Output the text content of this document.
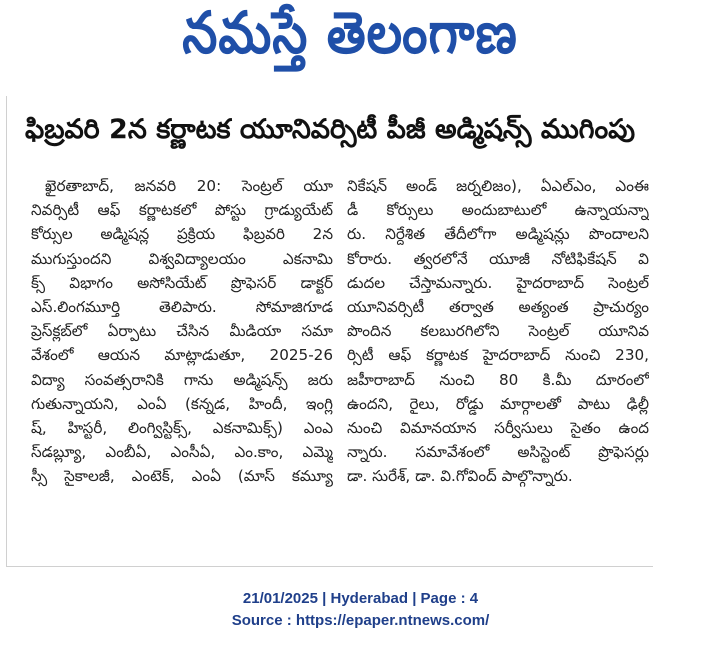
నమస్తే తెలంగాణ
ఫిబ్రవరి 2న కర్ణాటక యూనివర్సిటీ పీజీ అడ్మిషన్స్ ముగింపు
ఖైరతాబాద్, జనవరి 20: సెంట్రల్ యూ
నివర్సిటీ ఆఫ్ కర్ణాటకలో పోస్టు గ్రాడ్యుయేట్
కోర్సుల అడ్మిషన్ల ప్రక్రియ ఫిబ్రవరి 2న
ముగుస్తుందని విశ్వవిద్యాలయం ఎకనామి
క్స్ విభాగం అసోసియేట్ ప్రొఫెసర్ డాక్టర్
ఎస్.లింగమూర్తి తెలిపారు. సోమాజిగూడ
ప్రెస్‌క్లబ్‌లో ఏర్పాటు చేసిన మీడియా సమా
వేశంలో ఆయన మాట్లాడుతూ, 2025-26
విద్యా సంవత్సరానికి గాను అడ్మిషన్స్ జరు
గుతున్నాయని, ఎంఏ (కన్నడ, హిందీ, ఇంగ్లి
ష్, హిస్టరీ, లింగ్విస్టిక్స్, ఎకనామిక్స్) ఎంఎ
స్‌డబ్ల్యూ, ఎంబీఏ, ఎంసీఏ, ఎం.కాం, ఎమ్మె
స్సీ సైకాలజీ, ఎంటెక్, ఎంఏ (మాస్ కమ్యూ
నికేషన్ అండ్ జర్నలిజం), ఏఎల్ఎం, ఎంఈ
డీ కోర్సులు అందుబాటులో ఉన్నాయన్నా
రు. నిర్దేశిత తేదీలోగా అడ్మిషన్లు పొందాలని
కోరారు. త్వరలోనే యూజీ నోటిఫికేషన్ వి
డుదల చేస్తామన్నారు. హైదరాబాద్ సెంట్రల్
యూనివర్సిటీ తర్వాత అత్యంత ప్రాచుర్యం
పొందిన కలబురగిలోని సెంట్రల్ యూనివ
ర్సిటీ ఆఫ్ కర్ణాటక హైదరాబాద్ నుంచి 230,
జహీరాబాద్ నుంచి 80 కి.మీ దూరంలో
ఉందని, రైలు, రోడ్డు మార్గాలతో పాటు ఢిల్లీ
నుంచి విమానయాన సర్వీసులు సైతం ఉంద
న్నారు. సమావేశంలో అసిస్టెంట్ ప్రొఫెసర్లు
డా. సురేశ్, డా. వి.గోవింద్ పాల్గొన్నారు.
21/01/2025 | Hyderabad | Page : 4
Source : https://epaper.ntnews.com/
